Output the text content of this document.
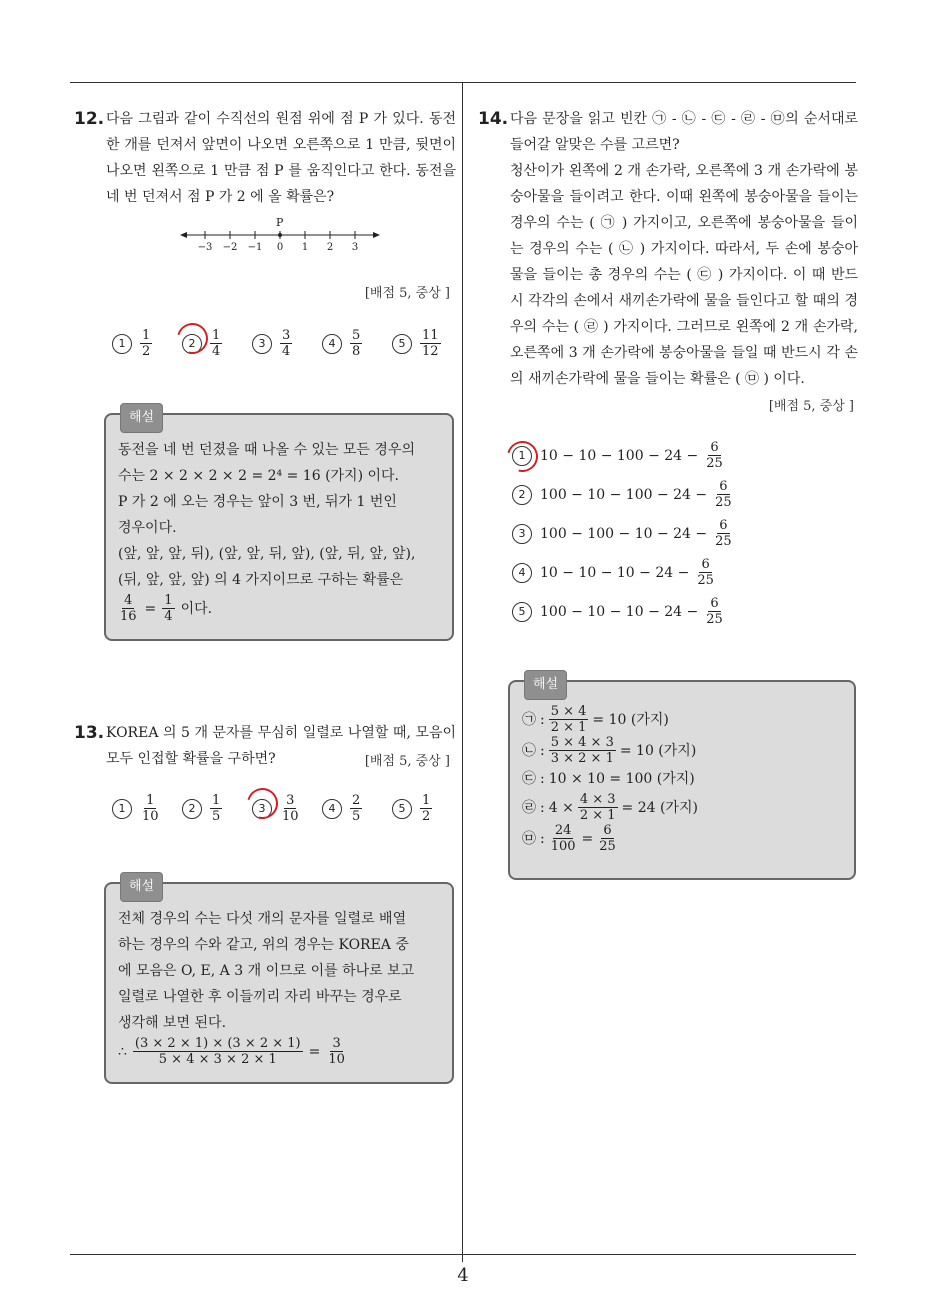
4
12. 다음 그림과 같이 수직선의 원점 위에 점 P 가 있다. 동전 한 개를 던져서 앞면이 나오면 오른쪽으로 1 만큼, 뒷면이 나오면 왼쪽으로 1 만큼 점 P 를 움직인다고 한다. 동전을 네 번 던져서 점 P 가 2 에 올 확률은?
P
−3 −2 −1	0	1	2	3
[배점 5, 중상 ]
1	$\frac{1}{2}$	2	$\frac{1}{4}$	3	$\frac{3}{4}$	4	$\frac{5}{8}$	5	$\frac{11}{12}$
해설
동전을 네 번 던졌을 때 나올 수 있는 모든 경우의
수는 2 × 2 × 2 × 2 = 2⁴ = 16 (가지) 이다.
P 가 2 에 오는 경우는 앞이 3 번, 뒤가 1 번인
경우이다.
(앞, 앞, 앞, 뒤), (앞, 앞, 뒤, 앞), (앞, 뒤, 앞, 앞),
(뒤, 앞, 앞, 앞) 의 4 가지이므로 구하는 확률은
$\frac{4}{16} = \frac{1}{4}$ 이다.
13. KOREA 의 5 개 문자를 무심히 일렬로 나열할 때, 모음이 모두 인접할 확률을 구하면?	[배점 5, 중상 ]
1	$\frac{1}{10}$	2	$\frac{1}{5}$	3	$\frac{3}{10}$	4	$\frac{2}{5}$	5	$\frac{1}{2}$
해설
전체 경우의 수는 다섯 개의 문자를 일렬로 배열
하는 경우의 수와 같고, 위의 경우는 KOREA 중
에 모음은 O, E, A 3 개 이므로 이를 하나로 보고
일렬로 나열한 후 이들끼리 자리 바꾸는 경우로
생각해 보면 된다.
∴ $\frac{(3 \times 2 \times 1) \times (3 \times 2 \times 1)}{5 \times 4 \times 3 \times 2 \times 1} = \frac{3}{10}$
14. 다음 문장을 읽고 빈칸 ㉠ - ㉡ - ㉢ - ㉣ - ㉤의 순서대로 들어갈 알맞은 수를 고르면?
청산이가 왼쪽에 2 개 손가락, 오른쪽에 3 개 손가락에 봉숭아물을 들이려고 한다. 이때 왼쪽에 봉숭아물을 들이는 경우의 수는 ( ㉠ ) 가지이고, 오른쪽에 봉숭아물을 들이는 경우의 수는 ( ㉡ ) 가지이다. 따라서, 두 손에 봉숭아물을 들이는 총 경우의 수는 ( ㉢ ) 가지이다. 이 때 반드시 각각의 손에서 새끼손가락에 물을 들인다고 할 때의 경우의 수는 ( ㉣ ) 가지이다. 그러므로 왼쪽에 2 개 손가락, 오른쪽에 3 개 손가락에 봉숭아물을 들일 때 반드시 각 손의 새끼손가락에 물을 들이는 확률은 ( ㉤ ) 이다.
[배점 5, 중상 ]
1	$10 - 10 - 100 - 24 - \frac{6}{25}$
2	$100 - 10 - 100 - 24 - \frac{6}{25}$
3	$100 - 100 - 10 - 24 - \frac{6}{25}$
4	$10 - 10 - 10 - 24 - \frac{6}{25}$
5	$100 - 10 - 10 - 24 - \frac{6}{25}$
해설
㉠ : $\frac{5 \times 4}{2 \times 1} = 10$ (가지)
㉡ : $\frac{5 \times 4 \times 3}{3 \times 2 \times 1} = 10$ (가지)
㉢ : 10 × 10 = 100 (가지)
㉣ : $4 \times \frac{4 \times 3}{2 \times 1} = 24$ (가지)
㉤ : $\frac{24}{100} = \frac{6}{25}$
